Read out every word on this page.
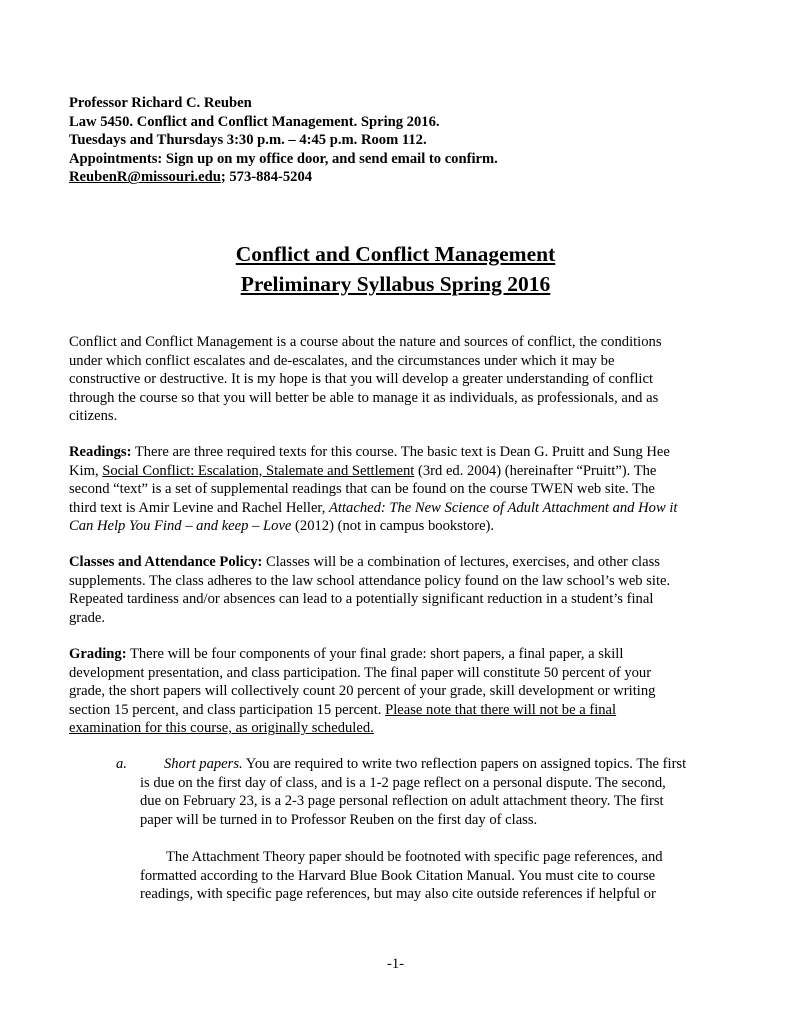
Professor Richard C. Reuben
Law 5450. Conflict and Conflict Management. Spring 2016.
Tuesdays and Thursdays 3:30 p.m. – 4:45 p.m. Room 112.
Appointments: Sign up on my office door, and send email to confirm.
ReubenR@missouri.edu; 573-884-5204
Conflict and Conflict Management
Preliminary Syllabus Spring 2016
Conflict and Conflict Management is a course about the nature and sources of conflict, the conditions
under which conflict escalates and de-escalates, and the circumstances under which it may be
constructive or destructive. It is my hope is that you will develop a greater understanding of conflict
through the course so that you will better be able to manage it as individuals, as professionals, and as
citizens.
Readings: There are three required texts for this course. The basic text is Dean G. Pruitt and Sung Hee
Kim, Social Conflict: Escalation, Stalemate and Settlement (3rd ed. 2004) (hereinafter “Pruitt”). The
second “text” is a set of supplemental readings that can be found on the course TWEN web site. The
third text is Amir Levine and Rachel Heller, Attached: The New Science of Adult Attachment and How it
Can Help You Find – and keep – Love (2012) (not in campus bookstore).
Classes and Attendance Policy: Classes will be a combination of lectures, exercises, and other class
supplements. The class adheres to the law school attendance policy found on the law school’s web site.
Repeated tardiness and/or absences can lead to a potentially significant reduction in a student’s final
grade.
Grading: There will be four components of your final grade: short papers, a final paper, a skill
development presentation, and class participation. The final paper will constitute 50 percent of your
grade, the short papers will collectively count 20 percent of your grade, skill development or writing
section 15 percent, and class participation 15 percent. Please note that there will not be a final
examination for this course, as originally scheduled.
a.	Short papers. You are required to write two reflection papers on assigned topics. The first
is due on the first day of class, and is a 1-2 page reflect on a personal dispute. The second,
due on February 23, is a 2-3 page personal reflection on adult attachment theory. The first
paper will be turned in to Professor Reuben on the first day of class.
The Attachment Theory paper should be footnoted with specific page references, and
formatted according to the Harvard Blue Book Citation Manual. You must cite to course
readings, with specific page references, but may also cite outside references if helpful or
-1-
